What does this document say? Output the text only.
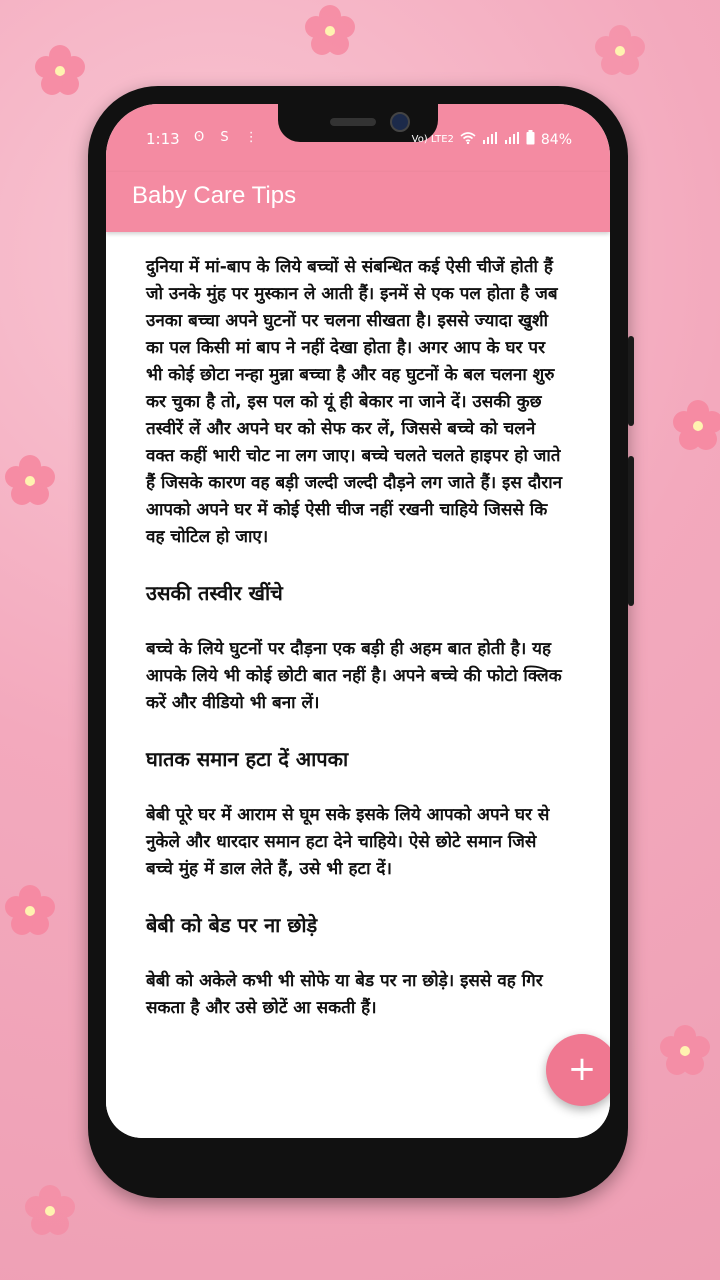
1:13 ʘ S ⋮	Vo) LTE2	84%
Baby Care Tips

दुनिया में मां-बाप के लिये बच्चों से संबन्धित कई ऐसी चीजें होती हैं जो उनके मुंह पर मुस्कान ले आती हैं। इनमें से एक पल होता है जब उनका बच्चा अपने घुटनों पर चलना सीखता है। इससे ज्यादा खुशी का पल किसी मां बाप ने नहीं देखा होता है। अगर आप के घर पर भी कोई छोटा नन्हा मुन्ना बच्चा है और वह घुटनों के बल चलना शुरु कर चुका है तो, इस पल को यूं ही बेकार ना जाने दें। उसकी कुछ तस्वीरें लें और अपने घर को सेफ कर लें, जिससे बच्चे को चलने वक्त कहीं भारी चोट ना लग जाए। बच्चे चलते चलते हाइपर हो जाते हैं जिसके कारण वह बड़ी जल्दी जल्दी दौड़ने लग जाते हैं। इस दौरान आपको अपने घर में कोई ऐसी चीज नहीं रखनी चाहिये जिससे कि वह चोटिल हो जाए।

उसकी तस्वीर खींचे

बच्चे के लिये घुटनों पर दौड़ना एक बड़ी ही अहम बात होती है। यह आपके लिये भी कोई छोटी बात नहीं है। अपने बच्चे की फोटो क्लिक करें और वीडियो भी बना लें।

घातक समान हटा दें आपका

बेबी पूरे घर में आराम से घूम सके इसके लिये आपको अपने घर से नुकेले और धारदार समान हटा देने चाहिये। ऐसे छोटे समान जिसे बच्चे मुंह में डाल लेते हैं, उसे भी हटा दें।

बेबी को बेड पर ना छोड़े

बेबी को अकेले कभी भी सोफे या बेड पर ना छोड़े। इससे वह गिर सकता है और उसे छोटें आ सकती हैं।

+
